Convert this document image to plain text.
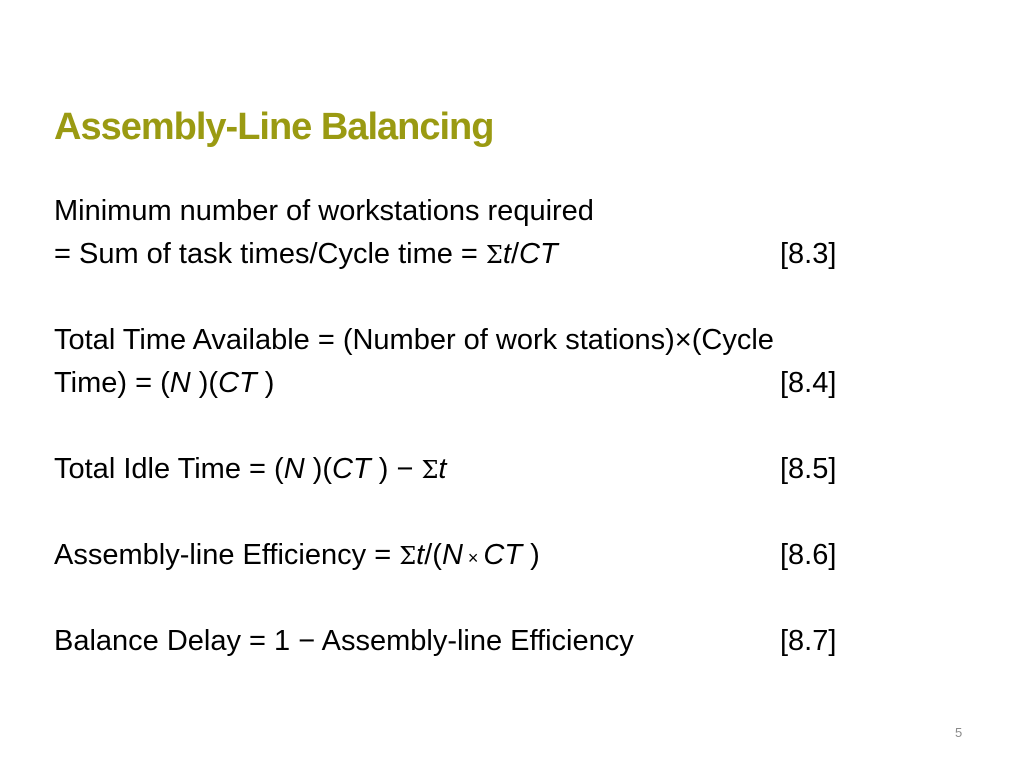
Assembly-Line Balancing
Minimum number of workstations required
= Sum of task times/Cycle time = Σt/CT	[8.3]
Total Time Available = (Number of work stations)×(Cycle
Time) = (N )(CT )	[8.4]
Total Idle Time = (N )(CT ) − Σt	[8.5]
Assembly-line Efficiency = Σt/(N × CT )	[8.6]
Balance Delay = 1 − Assembly-line Efficiency	[8.7]
5
